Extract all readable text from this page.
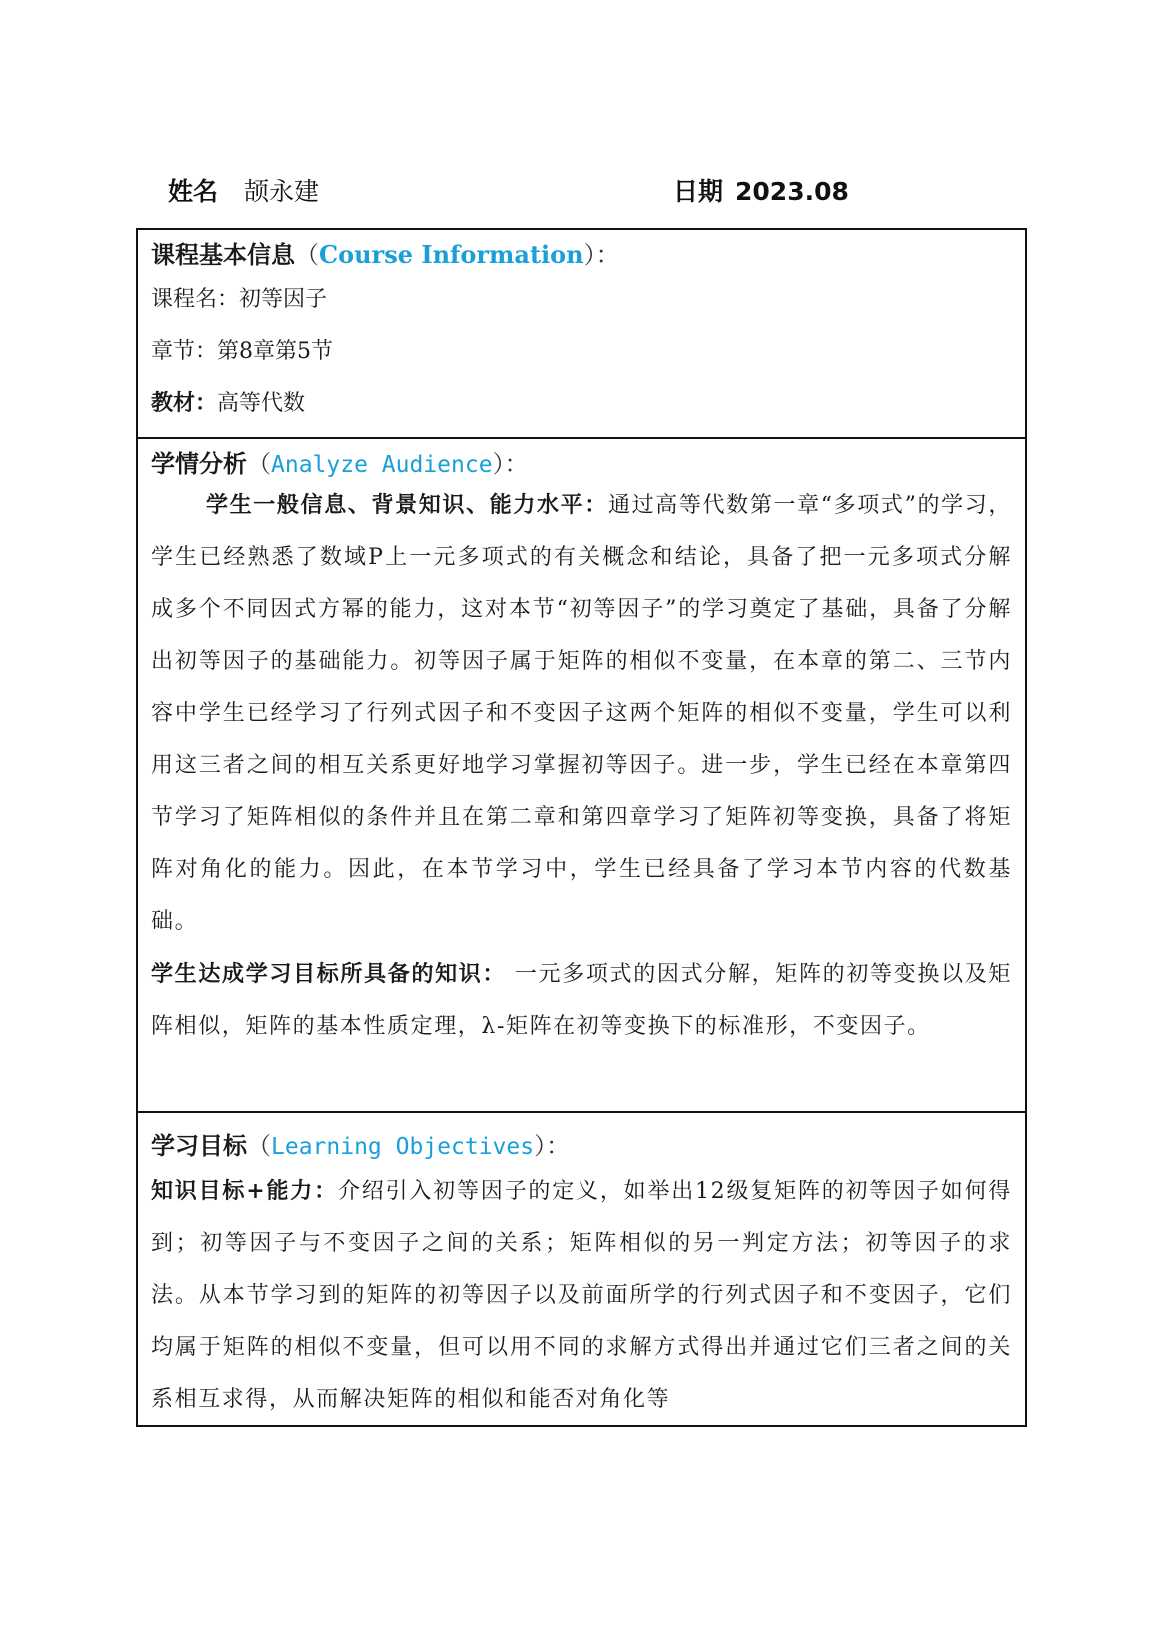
姓名 颉永建	日期 2023.08
课程基本信息（Course Information）：
课程名：初等因子
章节：第8章第5节
教材：高等代数
学情分析（Analyze Audience）：
学生一般信息、背景知识、能力水平：通过高等代数第一章“多项式”的学习，学生已经熟悉了数域P上一元多项式的有关概念和结论，具备了把一元多项式分解成多个不同因式方幂的能力，这对本节“初等因子”的学习奠定了基础，具备了分解出初等因子的基础能力。初等因子属于矩阵的相似不变量，在本章的第二、三节内容中学生已经学习了行列式因子和不变因子这两个矩阵的相似不变量，学生可以利用这三者之间的相互关系更好地学习掌握初等因子。进一步，学生已经在本章第四节学习了矩阵相似的条件并且在第二章和第四章学习了矩阵初等变换，具备了将矩阵对角化的能力。因此，在本节学习中，学生已经具备了学习本节内容的代数基础。
学生达成学习目标所具备的知识： 一元多项式的因式分解，矩阵的初等变换以及矩阵相似，矩阵的基本性质定理，λ-矩阵在初等变换下的标准形，不变因子。
学习目标（Learning Objectives）：
知识目标+能力：介绍引入初等因子的定义，如举出12级复矩阵的初等因子如何得到；初等因子与不变因子之间的关系；矩阵相似的另一判定方法；初等因子的求法。从本节学习到的矩阵的初等因子以及前面所学的行列式因子和不变因子，它们均属于矩阵的相似不变量，但可以用不同的求解方式得出并通过它们三者之间的关系相互求得，从而解决矩阵的相似和能否对角化等
